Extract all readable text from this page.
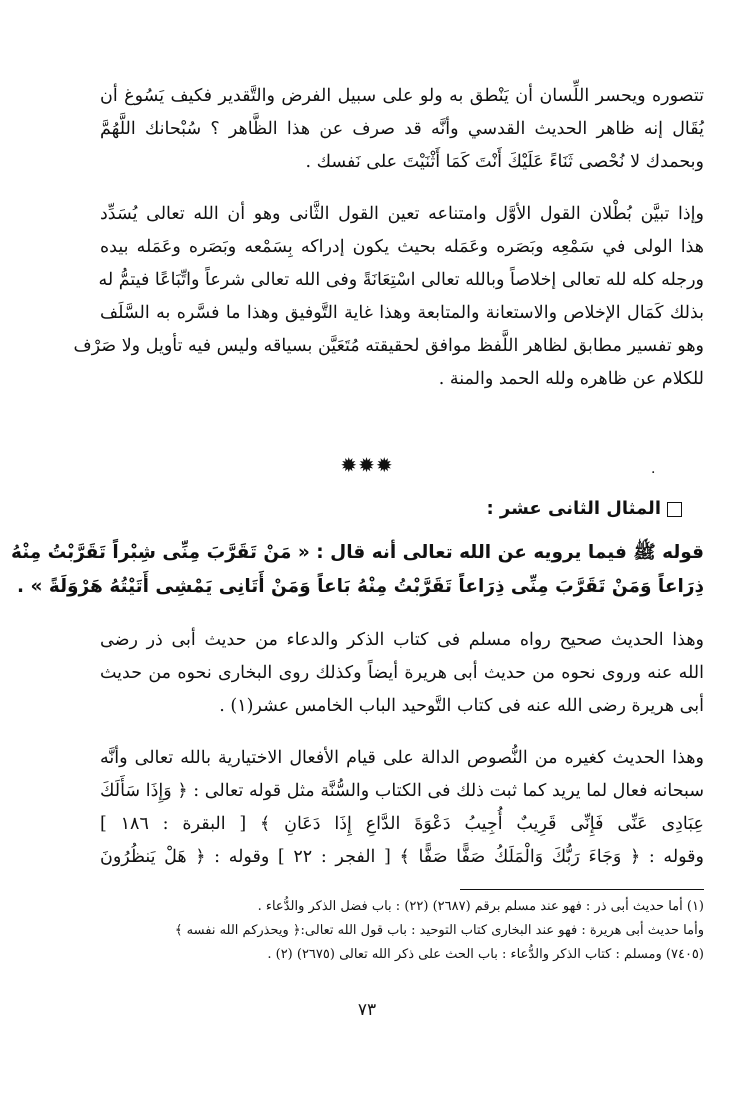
تتصوره ويحسر اللِّسان أن يَنْطق به ولو على سبيل الفرض والتَّقدير فكيف يَسُوغ أن
يُقَال إنه ظاهر الحديث القدسي وأنَّه قد صرف عن هذا الظَّاهر ؟ سُبْحانك اللَّهُمَّ
وبحمدك لا نُحْصى ثَنَاءً عَلَيْكَ أَنْتَ كَمَا أَثْنَيْتَ على نَفسك .
وإذا تبيَّن بُطْلان القول الأوَّل وامتناعه تعين القول الثَّانى وهو أن الله تعالى يُسَدِّد
هذا الولى في سَمْعِه وبَصَره وعَمَله بحيث يكون إدراكه بِسَمْعه وبَصَره وعَمَله بيده
ورجله كله لله تعالى إخلاصاً وبالله تعالى اسْتِعَانَةً وفى الله تعالى شرعاً واتِّبَاعًا فيتمُّ له
بذلك كَمَال الإخلاص والاستعانة والمتابعة وهذا غاية التَّوفيق وهذا ما فسَّره به السَّلَف
وهو تفسير مطابق لظاهر اللَّفظ موافق لحقيقته مُتَعَيَّن بسياقه وليس فيه تأويل ولا صَرْف
للكلام عن ظاهره ولله الحمد والمنة .
✹✹✹	·
المثال الثانى عشر :
قوله ﷺ فيما يرويه عن الله تعالى أنه قال : « مَنْ تَقَرَّبَ مِنِّى شِبْراً تَقَرَّبْتُ مِنْهُ
ذِرَاعاً وَمَنْ تَقَرَّبَ مِنِّى ذِرَاعاً تَقَرَّبْتُ مِنْهُ بَاعاً وَمَنْ أَتَانِى يَمْشِى أَتَيْتُهُ هَرْوَلَةً » .
وهذا الحديث صحيح رواه مسلم فى كتاب الذكر والدعاء من حديث أبى ذر رضى
الله عنه وروى نحوه من حديث أبى هريرة أيضاً وكذلك روى البخارى نحوه من حديث
أبى هريرة رضى الله عنه فى كتاب التَّوحيد الباب الخامس عشر(١) .
وهذا الحديث كغيره من النُّصوص الدالة على قيام الأفعال الاختيارية بالله تعالى وأنَّه
سبحانه فعال لما يريد كما ثبت ذلك فى الكتاب والسُّنَّة مثل قوله تعالى : ﴿ وَإِذَا سَأَلَكَ
عِبَادِى عَنِّى فَإِنِّى قَرِيبٌ أُجِيبُ دَعْوَةَ الدَّاعِ إِذَا دَعَانِ ﴾ [ البقرة : ١٨٦ ]
وقوله : ﴿ وَجَاءَ رَبُّكَ وَالْمَلَكُ صَفًّا صَفًّا ﴾ [ الفجر : ٢٢ ] وقوله : ﴿ هَلْ يَنظُرُونَ
(١) أما حديث أبى ذر : فهو عند مسلم برقم (٢٦٨٧) (٢٢) : باب فضل الذكر والدُّعاء .
وأما حديث أبى هريرة : فهو عند البخارى كتاب التوحيد : باب قول الله تعالى:﴿ ويحذركم الله نفسه ﴾
(٧٤٠٥) ومسلم : كتاب الذكر والدُّعاء : باب الحث على ذكر الله تعالى (٢٦٧٥) (٢) .
٧٣
